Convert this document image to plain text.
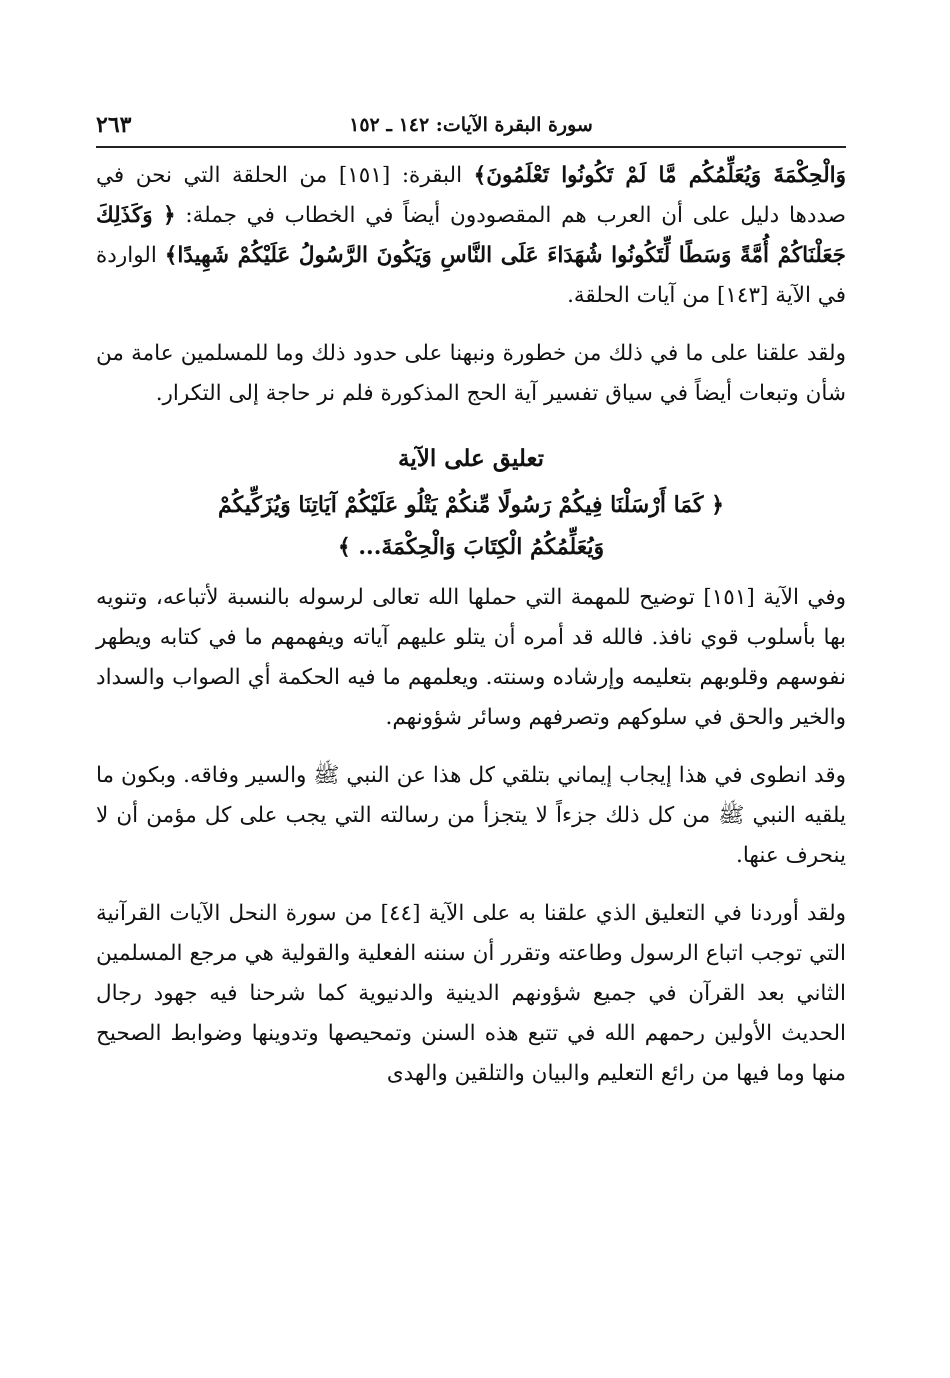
سورة البقرة الآيات: ١٤٢ ـ ١٥٢
٢٦٣

وَالْحِكْمَةَ وَيُعَلِّمُكُم مَّا لَمْ تَكُونُوا تَعْلَمُونَ﴾ البقرة: [١٥١] من الحلقة التي نحن في صددها دليل على أن العرب هم المقصودون أيضاً في الخطاب في جملة: ﴿ وَكَذَلِكَ جَعَلْنَاكُمْ أُمَّةً وَسَطًا لِّتَكُونُوا شُهَدَاءَ عَلَى النَّاسِ وَيَكُونَ الرَّسُولُ عَلَيْكُمْ شَهِيدًا﴾ الواردة في الآية [١٤٣] من آيات الحلقة.

ولقد علقنا على ما في ذلك من خطورة ونبهنا على حدود ذلك وما للمسلمين عامة من شأن وتبعات أيضاً في سياق تفسير آية الحج المذكورة فلم نر حاجة إلى التكرار.

تعليق على الآية
﴿ كَمَا أَرْسَلْنَا فِيكُمْ رَسُولًا مِّنكُمْ يَتْلُو عَلَيْكُمْ آيَاتِنَا وَيُزَكِّيكُمْ
وَيُعَلِّمُكُمُ الْكِتَابَ وَالْحِكْمَةَ... ﴾

وفي الآية [١٥١] توضيح للمهمة التي حملها الله تعالى لرسوله بالنسبة لأتباعه، وتنويه بها بأسلوب قوي نافذ. فالله قد أمره أن يتلو عليهم آياته ويفهمهم ما في كتابه ويطهر نفوسهم وقلوبهم بتعليمه وإرشاده وسنته. ويعلمهم ما فيه الحكمة أي الصواب والسداد والخير والحق في سلوكهم وتصرفهم وسائر شؤونهم.

وقد انطوى في هذا إيجاب إيماني بتلقي كل هذا عن النبي ﷺ والسير وفاقه. وبكون ما يلقيه النبي ﷺ من كل ذلك جزءاً لا يتجزأ من رسالته التي يجب على كل مؤمن أن لا ينحرف عنها.

ولقد أوردنا في التعليق الذي علقنا به على الآية [٤٤] من سورة النحل الآيات القرآنية التي توجب اتباع الرسول وطاعته وتقرر أن سننه الفعلية والقولية هي مرجع المسلمين الثاني بعد القرآن في جميع شؤونهم الدينية والدنيوية كما شرحنا فيه جهود رجال الحديث الأولين رحمهم الله في تتبع هذه السنن وتمحيصها وتدوينها وضوابط الصحيح منها وما فيها من رائع التعليم والبيان والتلقين والهدى
